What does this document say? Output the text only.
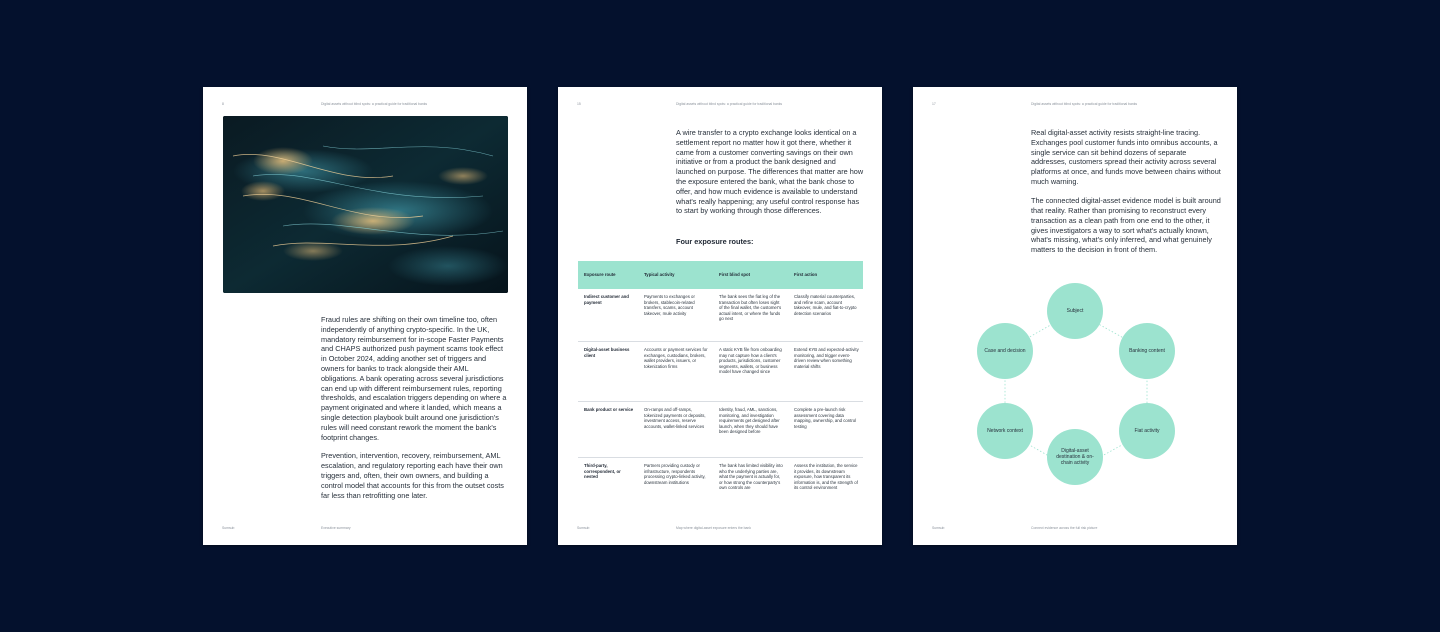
8	Digital assets without blind spots: a practical guide for traditional banks

Fraud rules are shifting on their own timeline too, often independently of anything crypto-specific. In the UK, mandatory reimbursement for in-scope Faster Payments and CHAPS authorized push payment scams took effect in October 2024, adding another set of triggers and owners for banks to track alongside their AML obligations. A bank operating across several jurisdictions can end up with different reimbursement rules, reporting thresholds, and escalation triggers depending on where a payment originated and where it landed, which means a single detection playbook built around one jurisdiction's rules will need constant rework the moment the bank's footprint changes.

Prevention, intervention, recovery, reimbursement, AML escalation, and regulatory reporting each have their own triggers and, often, their own owners, and building a control model that accounts for this from the outset costs far less than retrofitting one later.

Sumsub	Executive summary
15	Digital assets without blind spots: a practical guide for traditional banks

A wire transfer to a crypto exchange looks identical on a settlement report no matter how it got there, whether it came from a customer converting savings on their own initiative or from a product the bank designed and launched on purpose. The differences that matter are how the exposure entered the bank, what the bank chose to offer, and how much evidence is available to understand what's really happening; any useful control response has to start by working through those differences.

Four exposure routes:

Exposure route	Typical activity	First blind spot	First action
Indirect customer and payment	Payments to exchanges or brokers, stablecoin-related transfers, scams, account takeover, mule activity	The bank sees the fiat leg of the transaction but often loses sight of the final wallet, the customer's actual intent, or where the funds go next	Classify material counterparties, and refine scam, account takeover, mule, and fiat-to-crypto detection scenarios
Digital-asset business client	Accounts or payment services for exchanges, custodians, brokers, wallet providers, issuers, or tokenization firms	A static KYB file from onboarding may not capture how a client's products, jurisdictions, customer segments, wallets, or business model have changed since	Extend KYB and expected-activity monitoring, and trigger event-driven review when something material shifts
Bank product or service	On-ramps and off-ramps, tokenized payments or deposits, investment access, reserve accounts, wallet-linked services	Identity, fraud, AML, sanctions, monitoring, and investigation requirements get designed after launch, when they should have been designed before	Complete a pre-launch risk assessment covering data mapping, ownership, and control testing
Third-party, correspondent, or nested	Partners providing custody or infrastructure, respondents processing crypto-linked activity, downstream institutions	The bank has limited visibility into who the underlying parties are, what the payment is actually for, or how strong the counterparty's own controls are	Assess the institution, the service it provides, its downstream exposure, how transparent its information is, and the strength of its control environment
Sumsub	Map where digital-asset exposure enters the bank
17	Digital assets without blind spots: a practical guide for traditional banks

Real digital-asset activity resists straight-line tracing. Exchanges pool customer funds into omnibus accounts, a single service can sit behind dozens of separate addresses, customers spread their activity across several platforms at once, and funds move between chains without much warning.

The connected digital-asset evidence model is built around that reality. Rather than promising to reconstruct every transaction as a clean path from one end to the other, it gives investigators a way to sort what's actually known, what's missing, what's only inferred, and what genuinely matters to the decision in front of them.

Subject
Banking content
Fiat activity
Digital-asset destination & on-chain activity
Network context
Case and decision
Sumsub	Connect evidence across the full risk picture
